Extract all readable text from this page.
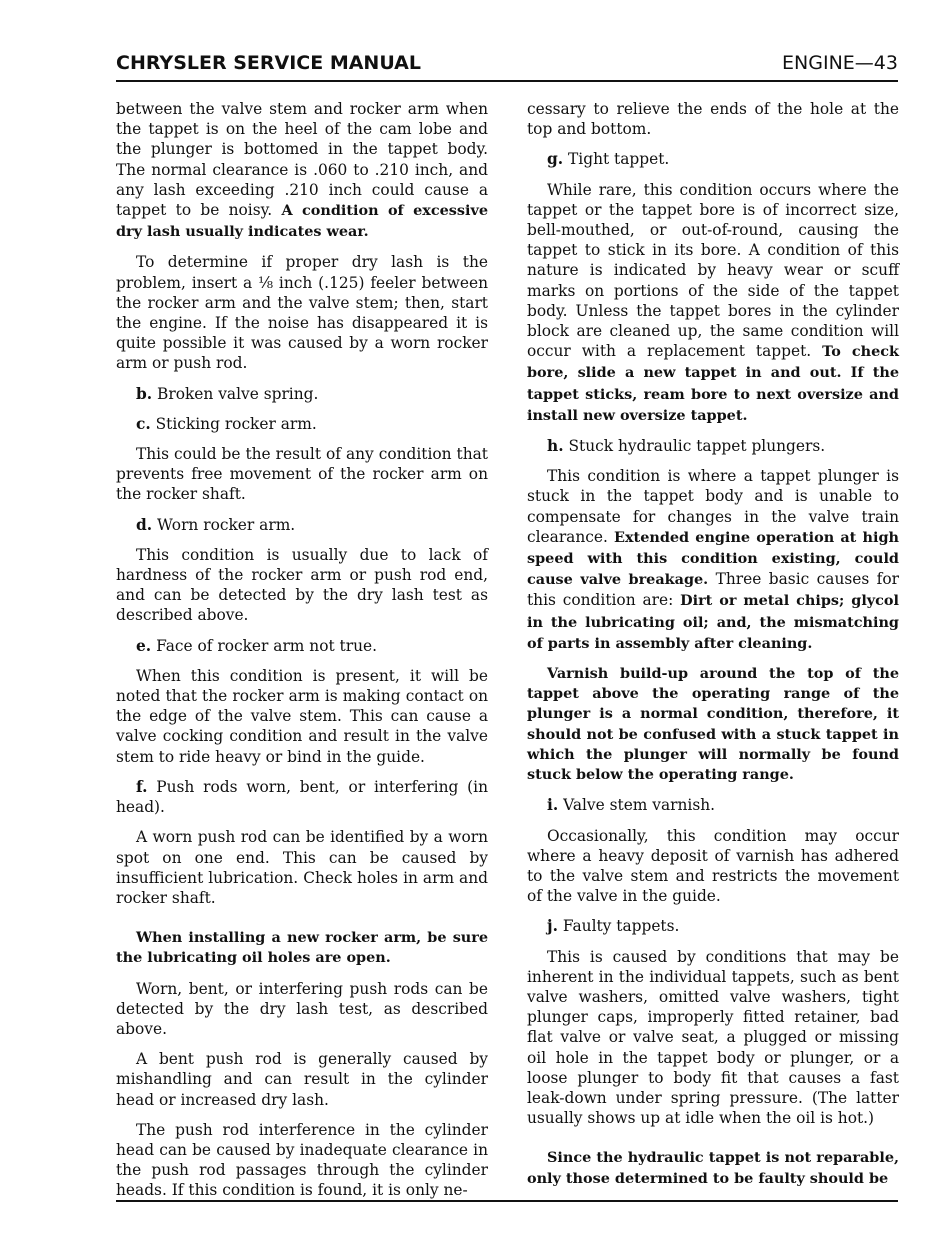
CHRYSLER SERVICE MANUAL	ENGINE—43

between the valve stem and rocker arm when the tappet is on the heel of the cam lobe and the plunger is bottomed in the tappet body. The normal clearance is .060 to .210 inch, and any lash exceeding .210 inch could cause a tappet to be noisy. A condition of excessive dry lash usually indicates wear.

To determine if proper dry lash is the problem, insert a ⅛ inch (.125) feeler between the rocker arm and the valve stem; then, start the engine. If the noise has disappeared it is quite possible it was caused by a worn rocker arm or push rod.

b. Broken valve spring.

c. Sticking rocker arm.

This could be the result of any condition that prevents free movement of the rocker arm on the rocker shaft.

d. Worn rocker arm.

This condition is usually due to lack of hardness of the rocker arm or push rod end, and can be detected by the dry lash test as described above.

e. Face of rocker arm not true.

When this condition is present, it will be noted that the rocker arm is making contact on the edge of the valve stem. This can cause a valve cocking condition and result in the valve stem to ride heavy or bind in the guide.

f. Push rods worn, bent, or interfering (in head).

A worn push rod can be identified by a worn spot on one end. This can be caused by insufficient lubrication. Check holes in arm and rocker shaft.

When installing a new rocker arm, be sure the lubricating oil holes are open.

Worn, bent, or interfering push rods can be detected by the dry lash test, as described above.

A bent push rod is generally caused by mishandling and can result in the cylinder head or increased dry lash.

The push rod interference in the cylinder head can be caused by inadequate clearance in the push rod passages through the cylinder heads. If this condition is found, it is only ne-

cessary to relieve the ends of the hole at the top and bottom.

g. Tight tappet.

While rare, this condition occurs where the tappet or the tappet bore is of incorrect size, bell-mouthed, or out-of-round, causing the tappet to stick in its bore. A condition of this nature is indicated by heavy wear or scuff marks on portions of the side of the tappet body. Unless the tappet bores in the cylinder block are cleaned up, the same condition will occur with a replacement tappet. To check bore, slide a new tappet in and out. If the tappet sticks, ream bore to next oversize and install new oversize tappet.

h. Stuck hydraulic tappet plungers.

This condition is where a tappet plunger is stuck in the tappet body and is unable to compensate for changes in the valve train clearance. Extended engine operation at high speed with this condition existing, could cause valve breakage. Three basic causes for this condition are: Dirt or metal chips; glycol in the lubricating oil; and, the mismatching of parts in assembly after cleaning.

Varnish build-up around the top of the tappet above the operating range of the plunger is a normal condition, therefore, it should not be confused with a stuck tappet in which the plunger will normally be found stuck below the operating range.

i. Valve stem varnish.

Occasionally, this condition may occur where a heavy deposit of varnish has adhered to the valve stem and restricts the movement of the valve in the guide.

j. Faulty tappets.

This is caused by conditions that may be inherent in the individual tappets, such as bent valve washers, omitted valve washers, tight plunger caps, improperly fitted retainer, bad flat valve or valve seat, a plugged or missing oil hole in the tappet body or plunger, or a loose plunger to body fit that causes a fast leak-down under spring pressure. (The latter usually shows up at idle when the oil is hot.)

Since the hydraulic tappet is not reparable, only those determined to be faulty should be
